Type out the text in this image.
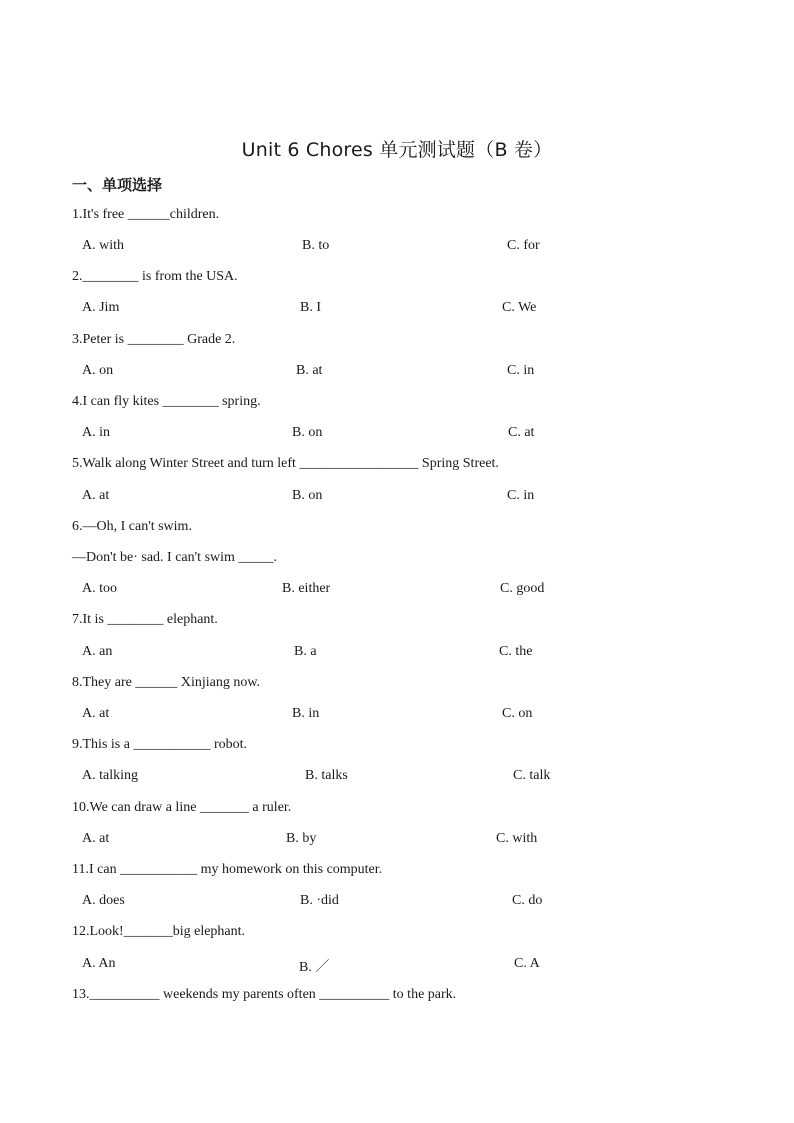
Unit 6 Chores 单元测试题（B 卷）
一、单项选择
1.It's free ______children.
A. with	B. to	C. for
2.________ is from the USA.
A. Jim	B. I	C. We
3.Peter is ________ Grade 2.
A. on	B. at	C. in
4.I can fly kites ________ spring.
A. in	B. on	C. at
5.Walk along Winter Street and turn left _________________ Spring Street.
A. at	B. on	C. in
6.—Oh, I can't swim.
—Don't be· sad. I can't swim _____.
A. too	B. either	C. good
7.It is ________ elephant.
A. an	B. a	C. the
8.They are ______ Xinjiang now.
A. at	B. in	C. on
9.This is a ___________ robot.
A. talking	B. talks	C. talk
10.We can draw a line _______ a ruler.
A. at	B. by	C. with
11.I can ___________ my homework on this computer.
A. does	B. ·did	C. do
12.Look!_______big elephant.
A. An	B. ／	C. A
13.__________ weekends my parents often __________ to the park.
